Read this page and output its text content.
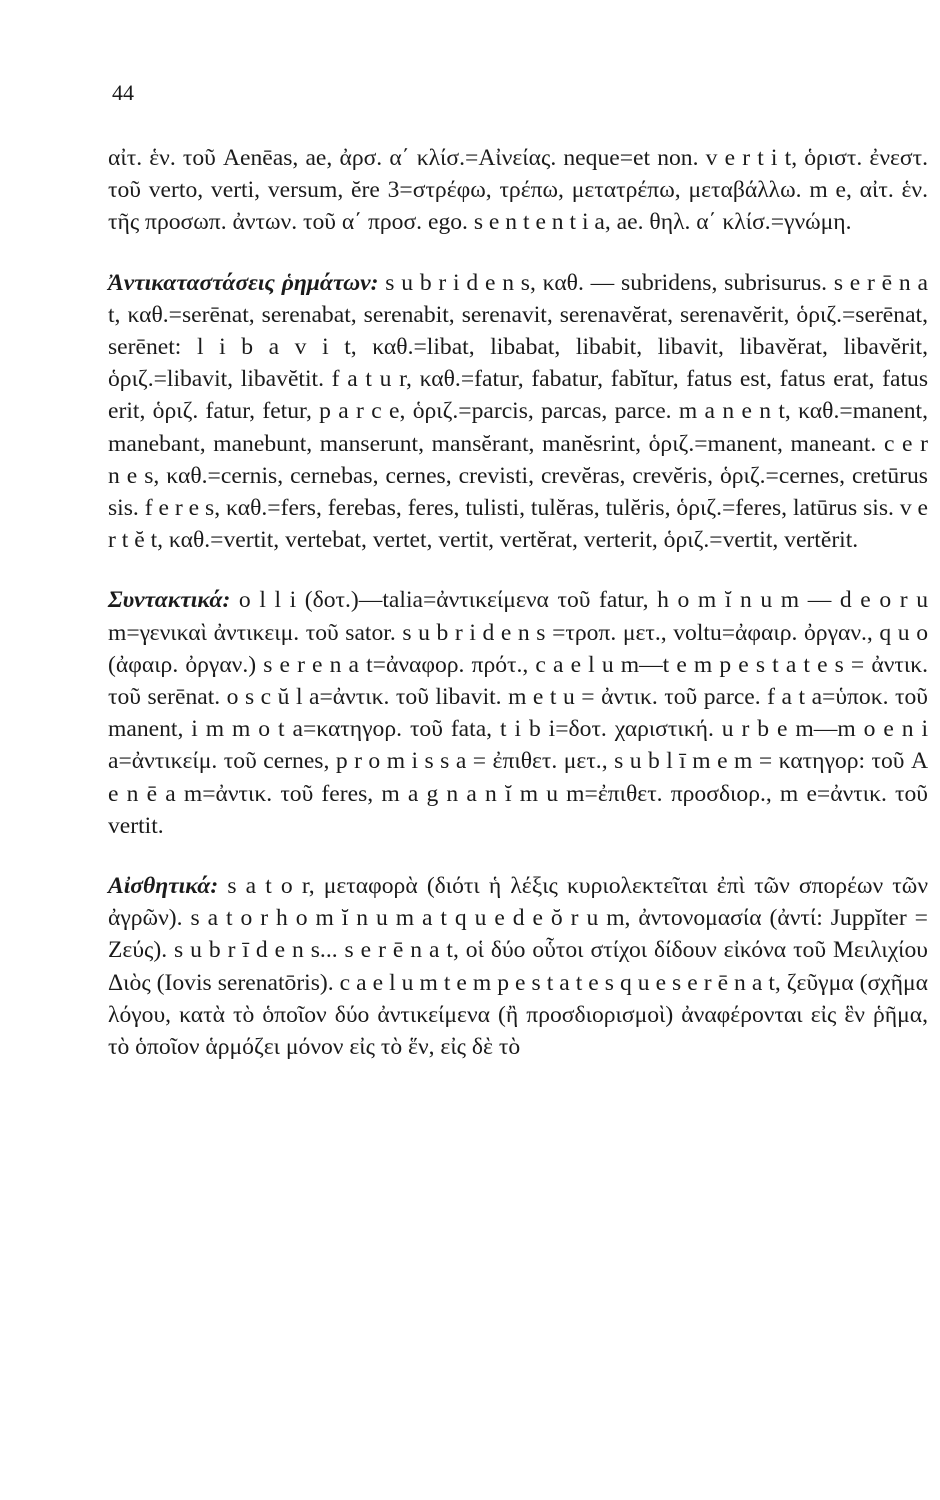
44

αἰτ. ἑν. τοῦ Aenēas, ae, ἀρσ. α΄ κλίσ.=Αἰνείας. neque=et non. v e r t i t, ὁριστ. ἐνεστ. τοῦ verto, verti, versum, ĕre 3=στρέφω, τρέπω, μετατρέπω, μεταβάλλω. m e, αἰτ. ἑν. τῆς προσωπ. ἀντων. τοῦ α΄ προσ. ego. s e n t e n t i a, ae. θηλ. α΄ κλίσ.=γνώμη.

Ἀντικαταστάσεις ῥημάτων: s u b r i d e n s, καθ. — subridens, subrisurus. s e r ē n a t, καθ.=serēnat, serenabat, serenabit, serenavit, serenavĕrat, serenavĕrit, ὁριζ.=serēnat, serēnet: l i b a v i t, καθ.=libat, libabat, libabit, libavit, libavĕrat, libavĕrit, ὁριζ.=libavit, libavĕtit. f a t u r, καθ.=fatur, fabatur, fabĭtur, fatus est, fatus erat, fatus erit, ὁριζ. fatur, fetur, p a r c e, ὁριζ.=parcis, parcas, parce. m a n e n t, καθ.=manent, manebant, manebunt, manserunt, mansĕrant, manĕsrint, ὁριζ.=manent, maneant. c e r n e s, καθ.=cernis, cernebas, cernes, crevisti, crevĕras, crevĕris, ὁριζ.=cernes, cretūrus sis. f e r e s, καθ.=fers, ferebas, feres, tulisti, tulĕras, tulĕris, ὁριζ.=feres, latūrus sis. v e r t ĕ t, καθ.=vertit, vertebat, vertet, vertit, vertĕrat, verterit, ὁριζ.=vertit, vertĕrit.

Συντακτικά: o l l i (δοτ.)—talia=ἀντικείμενα τοῦ fatur, h o m ĭ n u m — d e o r u m=γενικαὶ ἀντικειμ. τοῦ sator. s u b r i d e n s =τροπ. μετ., voltu=ἀφαιρ. ὀργαν., q u o (ἀφαιρ. ὀργαν.) s e r e n a t=ἀναφορ. πρότ., c a e l u m—t e m p e s t a t e s = ἀντικ. τοῦ serēnat. o s c ŭ l a=ἀντικ. τοῦ libavit. m e t u = ἀντικ. τοῦ parce. f a t a=ὑποκ. τοῦ manent, i m m o t a=κατηγορ. τοῦ fata, t i b i=δοτ. χαριστική. u r b e m—m o e n i a=ἀντικείμ. τοῦ cernes, p r o m i s s a = ἐπιθετ. μετ., s u b l ī m e m = κατηγορ: τοῦ A e n ē a m=ἀντικ. τοῦ feres, m a g n a n ĭ m u m=ἐπιθετ. προσδιορ., m e=ἀντικ. τοῦ vertit.

Αἰσθητικά: s a t o r, μεταφορὰ (διότι ἡ λέξις κυριολεκτεῖται ἐπὶ τῶν σπορέων τῶν ἀγρῶν). s a t o r h o m ĭ n u m a t q u e d e ŏ r u m, ἀντονομασία (ἀντί: Juppĭter = Ζεύς). s u b r ī d e n s... s e r ē n a t, οἱ δύο οὗτοι στίχοι δίδουν εἰκόνα τοῦ Μειλιχίου Διὸς (Iovis serenatōris). c a e l u m t e m p e s t a t e s q u e s e r ē n a t, ζεῦγμα (σχῆμα λόγου, κατὰ τὸ ὁποῖον δύο ἀντικείμενα (ἢ προσδιορισμοὶ) ἀναφέρονται εἰς ἓν ῥῆμα, τὸ ὁποῖον ἁρμόζει μόνον εἰς τὸ ἕν, εἰς δὲ τὸ
